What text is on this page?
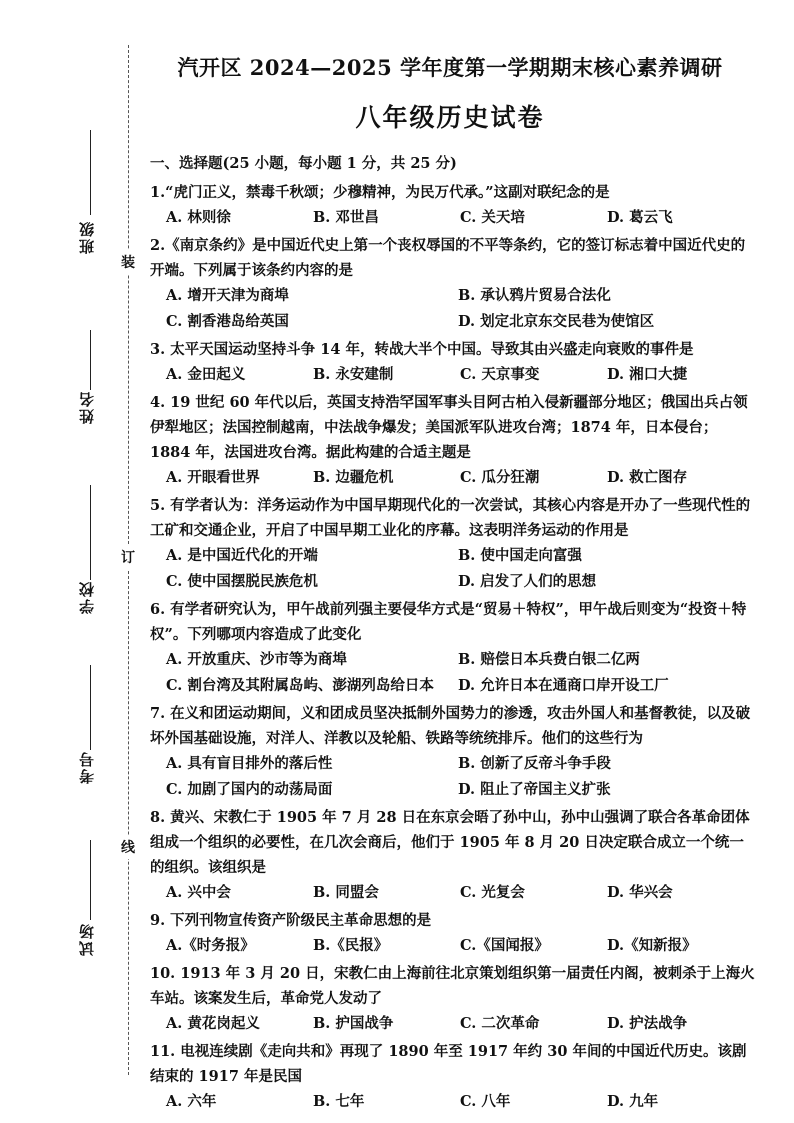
班级
姓名
学校
考号
试场
装
订
线
汽开区 2024—2025 学年度第一学期期末核心素养调研
八年级历史试卷
一、选择题(25 小题，每小题 1 分，共 25 分)
1.“虎门正义，禁毒千秋颂；少穆精神，为民万代承。”这副对联纪念的是
A. 林则徐	B. 邓世昌	C. 关天培	D. 葛云飞
2.《南京条约》是中国近代史上第一个丧权辱国的不平等条约，它的签订标志着中国近代史的开端。下列属于该条约内容的是
A. 增开天津为商埠	B. 承认鸦片贸易合法化
C. 割香港岛给英国	D. 划定北京东交民巷为使馆区
3. 太平天国运动坚持斗争 14 年，转战大半个中国。导致其由兴盛走向衰败的事件是
A. 金田起义	B. 永安建制	C. 天京事变	D. 湘口大捷
4. 19 世纪 60 年代以后，英国支持浩罕国军事头目阿古柏入侵新疆部分地区；俄国出兵占领伊犁地区；法国控制越南，中法战争爆发；美国派军队进攻台湾；1874 年，日本侵台；1884 年，法国进攻台湾。据此构建的合适主题是
A. 开眼看世界	B. 边疆危机	C. 瓜分狂潮	D. 救亡图存
5. 有学者认为：洋务运动作为中国早期现代化的一次尝试，其核心内容是开办了一些现代性的工矿和交通企业，开启了中国早期工业化的序幕。这表明洋务运动的作用是
A. 是中国近代化的开端	B. 使中国走向富强
C. 使中国摆脱民族危机	D. 启发了人们的思想
6. 有学者研究认为，甲午战前列强主要侵华方式是“贸易＋特权”，甲午战后则变为“投资＋特权”。下列哪项内容造成了此变化
A. 开放重庆、沙市等为商埠	B. 赔偿日本兵费白银二亿两
C. 割台湾及其附属岛屿、澎湖列岛给日本	D. 允许日本在通商口岸开设工厂
7. 在义和团运动期间，义和团成员坚决抵制外国势力的渗透，攻击外国人和基督教徒，以及破坏外国基础设施，对洋人、洋教以及轮船、铁路等统统排斥。他们的这些行为
A. 具有盲目排外的落后性	B. 创新了反帝斗争手段
C. 加剧了国内的动荡局面	D. 阻止了帝国主义扩张
8. 黄兴、宋教仁于 1905 年 7 月 28 日在东京会晤了孙中山，孙中山强调了联合各革命团体组成一个组织的必要性，在几次会商后，他们于 1905 年 8 月 20 日决定联合成立一个统一的组织。该组织是
A. 兴中会	B. 同盟会	C. 光复会	D. 华兴会
9. 下列刊物宣传资产阶级民主革命思想的是
A.《时务报》	B.《民报》	C.《国闻报》	D.《知新报》
10. 1913 年 3 月 20 日，宋教仁由上海前往北京策划组织第一届责任内阁，被刺杀于上海火车站。该案发生后，革命党人发动了
A. 黄花岗起义	B. 护国战争	C. 二次革命	D. 护法战争
11. 电视连续剧《走向共和》再现了 1890 年至 1917 年约 30 年间的中国近代历史。该剧结束的 1917 年是民国
A. 六年	B. 七年	C. 八年	D. 九年
